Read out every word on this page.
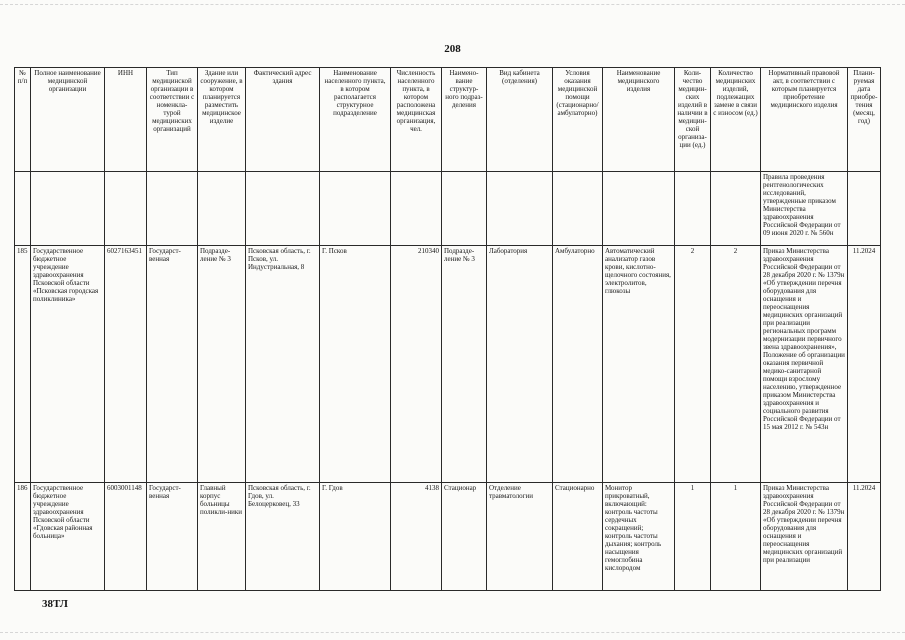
208
№ п/п	Полное наименование медицинской организации	ИНН	Тип медицинской организации в соответствии с номенкла-турой медицинских организаций	Здание или сооружение, в котором планируется разместить медицинское изделие	Фактический адрес здания	Наименование населенного пункта, в котором располагается структурное подразделение	Численность населенного пункта, в котором расположена медицинская организация, чел.	Наимено-вание структур-ного подраз-деления	Вид кабинета (отделения)	Условия оказания медицинской помощи (стационарно/ амбулаторно)	Наименование медицинского изделия	Коли-чество медицин-ских изделий в наличии в медицин-ской организа-ции (ед.)	Количество медицинских изделий, подлежащих замене в связи с износом (ед.)	Нормативный правовой акт, в соответствии с которым планируется приобретение медицинского изделия	Плани-руемая дата приобре-тения (месяц, год)
														Правила проведения рентгенологических исследований, утвержденные приказом Министерства здравоохранения Российской Федерации от 09 июня 2020 г. № 560н	
185	Государственное бюджетное учреждение здравоохранения Псковской области «Псковская городская поликлиника»	6027163451	Государст-венная	Подразде-ление № 3	Псковская область, г. Псков, ул. Индустриальная, 8	Г. Псков	210340	Подразде-ление № 3	Лаборатория	Амбулаторно	Автоматический анализатор газов крови, кислотно-щелочного состояния, электролитов, глюкозы	2	2	Приказ Министерства здравоохранения Российской Федерации от 28 декабря 2020 г. № 1379н «Об утверждении перечня оборудования для оснащения и переоснащения медицинских организаций при реализации региональных программ модернизации первичного звена здравоохранения», Положение об организации оказания первичной медико-санитарной помощи взрослому населению, утвержденное приказом Министерства здравоохранения и социального развития Российской Федерации от 15 мая 2012 г. № 543н	11.2024
186	Государственное бюджетное учреждение здравоохранения Псковской области «Гдовская районная больница»	6003001148	Государст-венная	Главный корпус больницы поликли-ники	Псковская область, г. Гдов, ул. Белоцерковец, 33	Г. Гдов	4138	Стационар	Отделение травматологии	Стационарно	Монитор прикроватный, включающий: контроль частоты сердечных сокращений; контроль частоты дыхания; контроль насыщения гемоглобина кислородом	1	1	Приказ Министерства здравоохранения Российской Федерации от 28 декабря 2020 г. № 1379н «Об утверждении перечня оборудования для оснащения и переоснащения медицинских организаций при реализации	11.2024
38ТЛ
